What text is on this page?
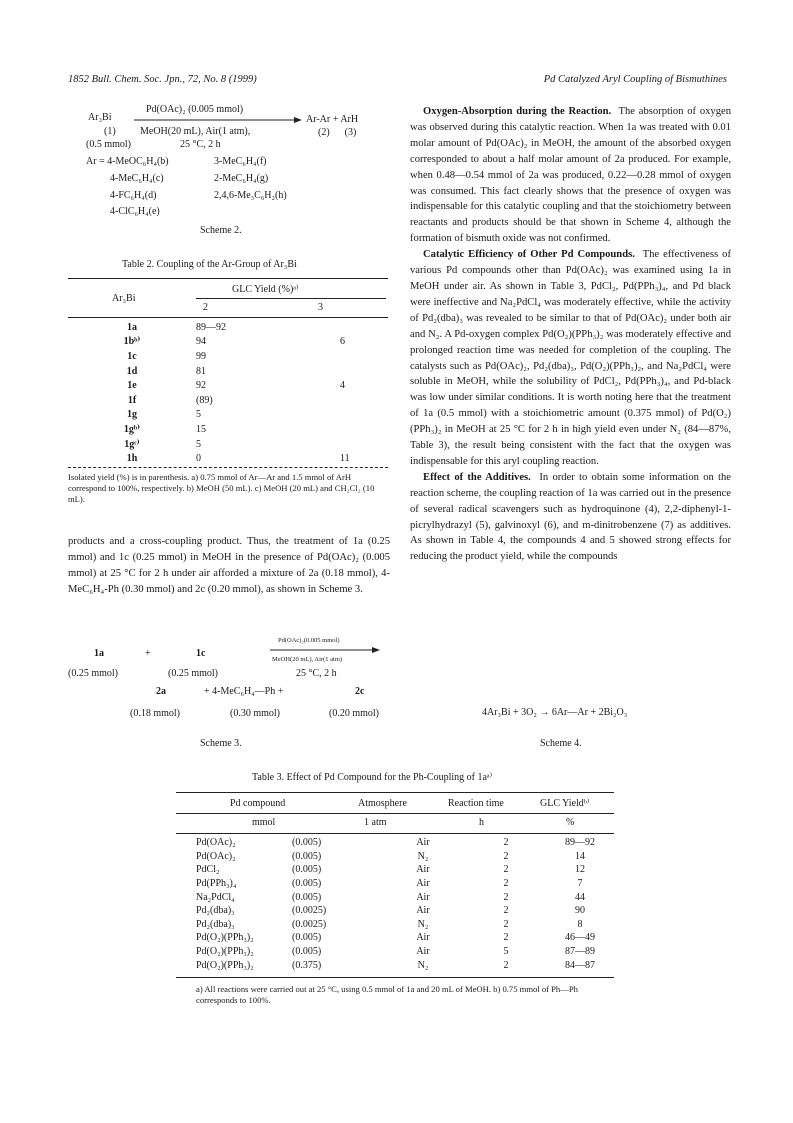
1852 Bull. Chem. Soc. Jpn., 72, No. 8 (1999)	Pd Catalyzed Aryl Coupling of Bismuthines
Ar₃Bi
(1)
(0.5 mmol)
Pd(OAc)₂ (0.005 mmol)
MeOH(20 mL), Air(1 atm),
25 °C, 2 h
Ar-Ar + ArH
(2)      (3)
Ar = 4-MeOC₆H₄(b)
4-MeC₆H₄(c)
4-FC₆H₄(d)
4-ClC₆H₄(e)
3-MeC₆H₄(f)
2-MeC₆H₄(g)
2,4,6-Me₃C₆H₂(h)
Scheme 2.
Table 2. Coupling of the Ar-Group of Ar₃Bi
Ar₃Bi
GLC Yield (%)ᵃ⁾
2	3
1a	89—92	
1bᵇ⁾	94	6
1c	99	
1d	81	
1e	92	4
1f	(89)	
1g	5	
1gᵇ⁾	15	
1gᶜ⁾	5	
1h	0	11
Isolated yield (%) is in parenthesis. a) 0.75 mmol of Ar—Ar and 1.5 mmol of ArH correspond to 100%, respectively. b) MeOH (50 mL). c) MeOH (20 mL) and CH₂Cl₂ (10 mL).

products and a cross-coupling product. Thus, the treatment of 1a (0.25 mmol) and 1c (0.25 mmol) in MeOH in the presence of Pd(OAc)₂ (0.005 mmol) at 25 °C for 2 h under air afforded a mixture of 2a (0.18 mmol), 4-MeC₆H₄-Ph (0.30 mmol) and 2c (0.20 mmol), as shown in Scheme 3.

1a	+	1c
Pd(OAc)₂(0.005 mmol)
MeOH(20 mL), Air(1 atm)
25 °C, 2 h
(0.25 mmol)	(0.25 mmol)
2a	+ 4-MeC₆H₄—Ph +	2c
(0.18 mmol)	(0.30 mmol)	(0.20 mmol)
Scheme 3.

Oxygen-Absorption during the Reaction. The absorption of oxygen was observed during this catalytic reaction. When 1a was treated with 0.01 molar amount of Pd(OAc)₂ in MeOH, the amount of the absorbed oxygen corresponded to about a half molar amount of 2a produced. For example, when 0.48—0.54 mmol of 2a was produced, 0.22—0.28 mmol of oxygen was consumed. This fact clearly shows that the presence of oxygen was indispensable for this catalytic coupling and that the stoichiometry between reactants and products should be that shown in Scheme 4, although the formation of bismuth oxide was not confirmed.

Catalytic Efficiency of Other Pd Compounds. The effectiveness of various Pd compounds other than Pd(OAc)₂ was examined using 1a in MeOH under air. As shown in Table 3, PdCl₂, Pd(PPh₃)₄, and Pd black were ineffective and Na₂PdCl₄ was moderately effective, while the activity of Pd₂(dba)₃ was revealed to be similar to that of Pd(OAc)₂ under both air and N₂. A Pd-oxygen complex Pd(O₂)(PPh₃)₂ was moderately effective and prolonged reaction time was needed for completion of the coupling. The catalysts such as Pd(OAc)₂, Pd₂(dba)₃, Pd(O₂)(PPh₃)₂, and Na₂PdCl₄ were soluble in MeOH, while the solubility of PdCl₂, Pd(PPh₃)₄, and Pd-black was low under similar conditions. It is worth noting here that the treatment of 1a (0.5 mmol) with a stoichiometric amount (0.375 mmol) of Pd(O₂)(PPh₃)₂ in MeOH at 25 °C for 2 h in high yield even under N₂ (84—87%, Table 3), the result being consistent with the fact that the oxygen was indispensable for this aryl coupling reaction.

Effect of the Additives. In order to obtain some information on the reaction scheme, the coupling reaction of 1a was carried out in the presence of several radical scavengers such as hydroquinone (4), 2,2-diphenyl-1-picrylhydrazyl (5), galvinoxyl (6), and m-dinitrobenzene (7) as additives. As shown in Table 4, the compounds 4 and 5 showed strong effects for reducing the product yield, while the compounds

4Ar₃Bi + 3O₂ → 6Ar—Ar + 2Bi₂O₃
Scheme 4.
Table 3. Effect of Pd Compound for the Ph-Coupling of 1aᵃ⁾
Pd compound	Atmosphere	Reaction time	GLC Yieldᵇ⁾
mmol	1 atm	h	%
Pd(OAc)₂	(0.005)	Air	2	89—92
Pd(OAc)₂	(0.005)	N₂	2	14
PdCl₂	(0.005)	Air	2	12
Pd(PPh₃)₄	(0.005)	Air	2	7
Na₂PdCl₄	(0.005)	Air	2	44
Pd₂(dba)₃	(0.0025)	Air	2	90
Pd₂(dba)₃	(0.0025)	N₂	2	8
Pd(O₂)(PPh₃)₂	(0.005)	Air	2	46—49
Pd(O₂)(PPh₃)₂	(0.005)	Air	5	87—89
Pd(O₂)(PPh₃)₂	(0.375)	N₂	2	84—87
a) All reactions were carried out at 25 °C, using 0.5 mmol of 1a and 20 mL of MeOH. b) 0.75 mmol of Ph—Ph corresponds to 100%.
